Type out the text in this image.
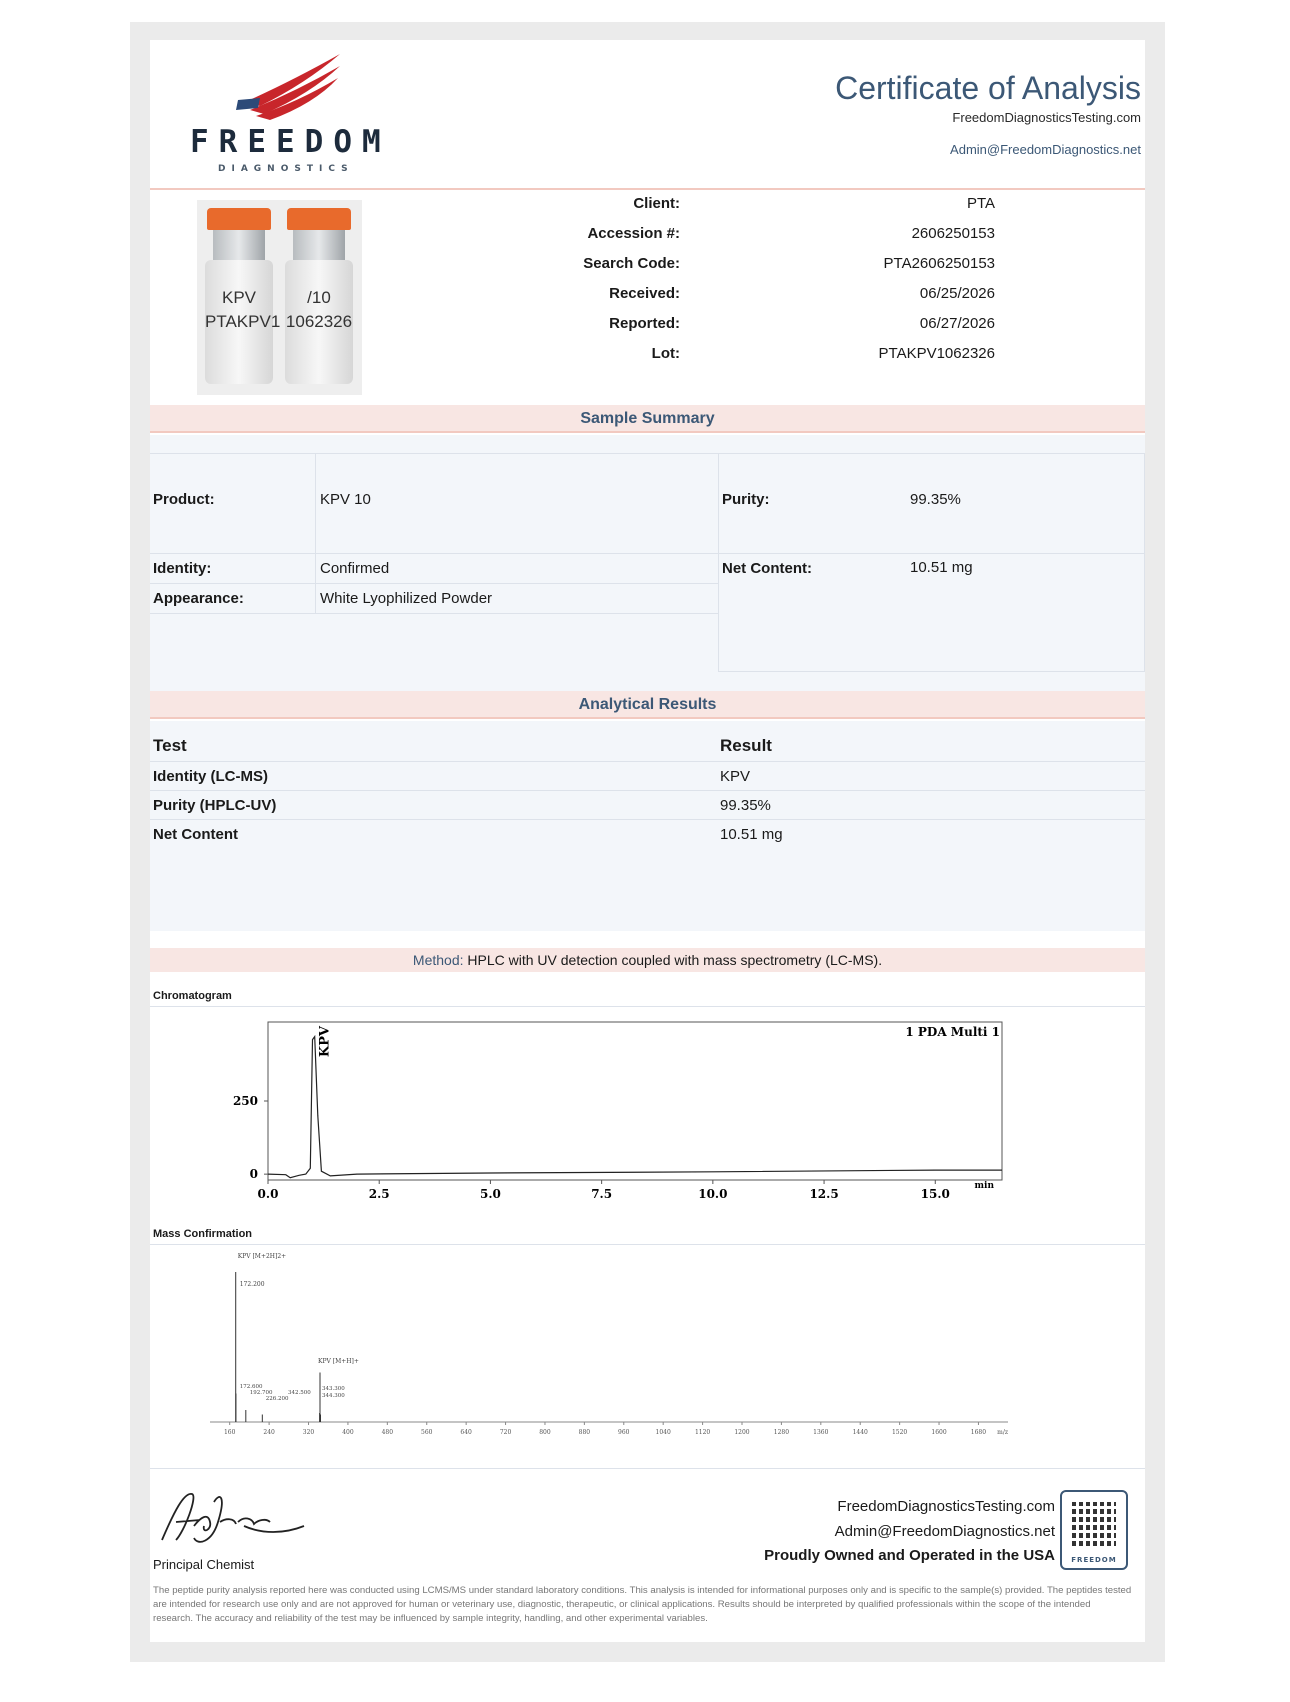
FREEDOM
DIAGNOSTICS
Certificate of Analysis
FreedomDiagnosticsTesting.com
Admin@FreedomDiagnostics.net
KPV
PTAKPV1
/10
1062326
Client:	PTA
Accession #:	2606250153
Search Code:	PTA2606250153
Received:	06/25/2026
Reported:	06/27/2026
Lot:	PTAKPV1062326
Sample Summary
Product:	KPV 10	Purity:	99.35%
Identity:	Confirmed	Net Content:	10.51 mg
Appearance:	White Lyophilized Powder
Analytical Results
Test	Result
Identity (LC-MS)	KPV
Purity (HPLC-UV)	99.35%
Net Content	10.51 mg
Method: HPLC with UV detection coupled with mass spectrometry (LC-MS).
Chromatogram
0.0	2.5	5.0	7.5	10.0	12.5	15.0
0
250
min
1 PDA Multi 1
KPV
Mass Confirmation
160	240	320	400	480	560	640	720	800	880	960	1040	1120	1200	1280	1360	1440	1520	1600	1680 m/z
KPV [M+2H]2+
172.200
KPV [M+H]+
172.600
192.700
226.200
342.500
343.300
344.300
Principal Chemist
FreedomDiagnosticsTesting.com
Admin@FreedomDiagnostics.net
Proudly Owned and Operated in the USA	FREEDOM
The peptide purity analysis reported here was conducted using LCMS/MS under standard laboratory conditions. This analysis is intended for informational purposes only and is specific to the sample(s) provided. The peptides tested are intended for research use only and are not approved for human or veterinary use, diagnostic, therapeutic, or clinical applications. Results should be interpreted by qualified professionals within the scope of the intended research. The accuracy and reliability of the test may be influenced by sample integrity, handling, and other experimental variables.
